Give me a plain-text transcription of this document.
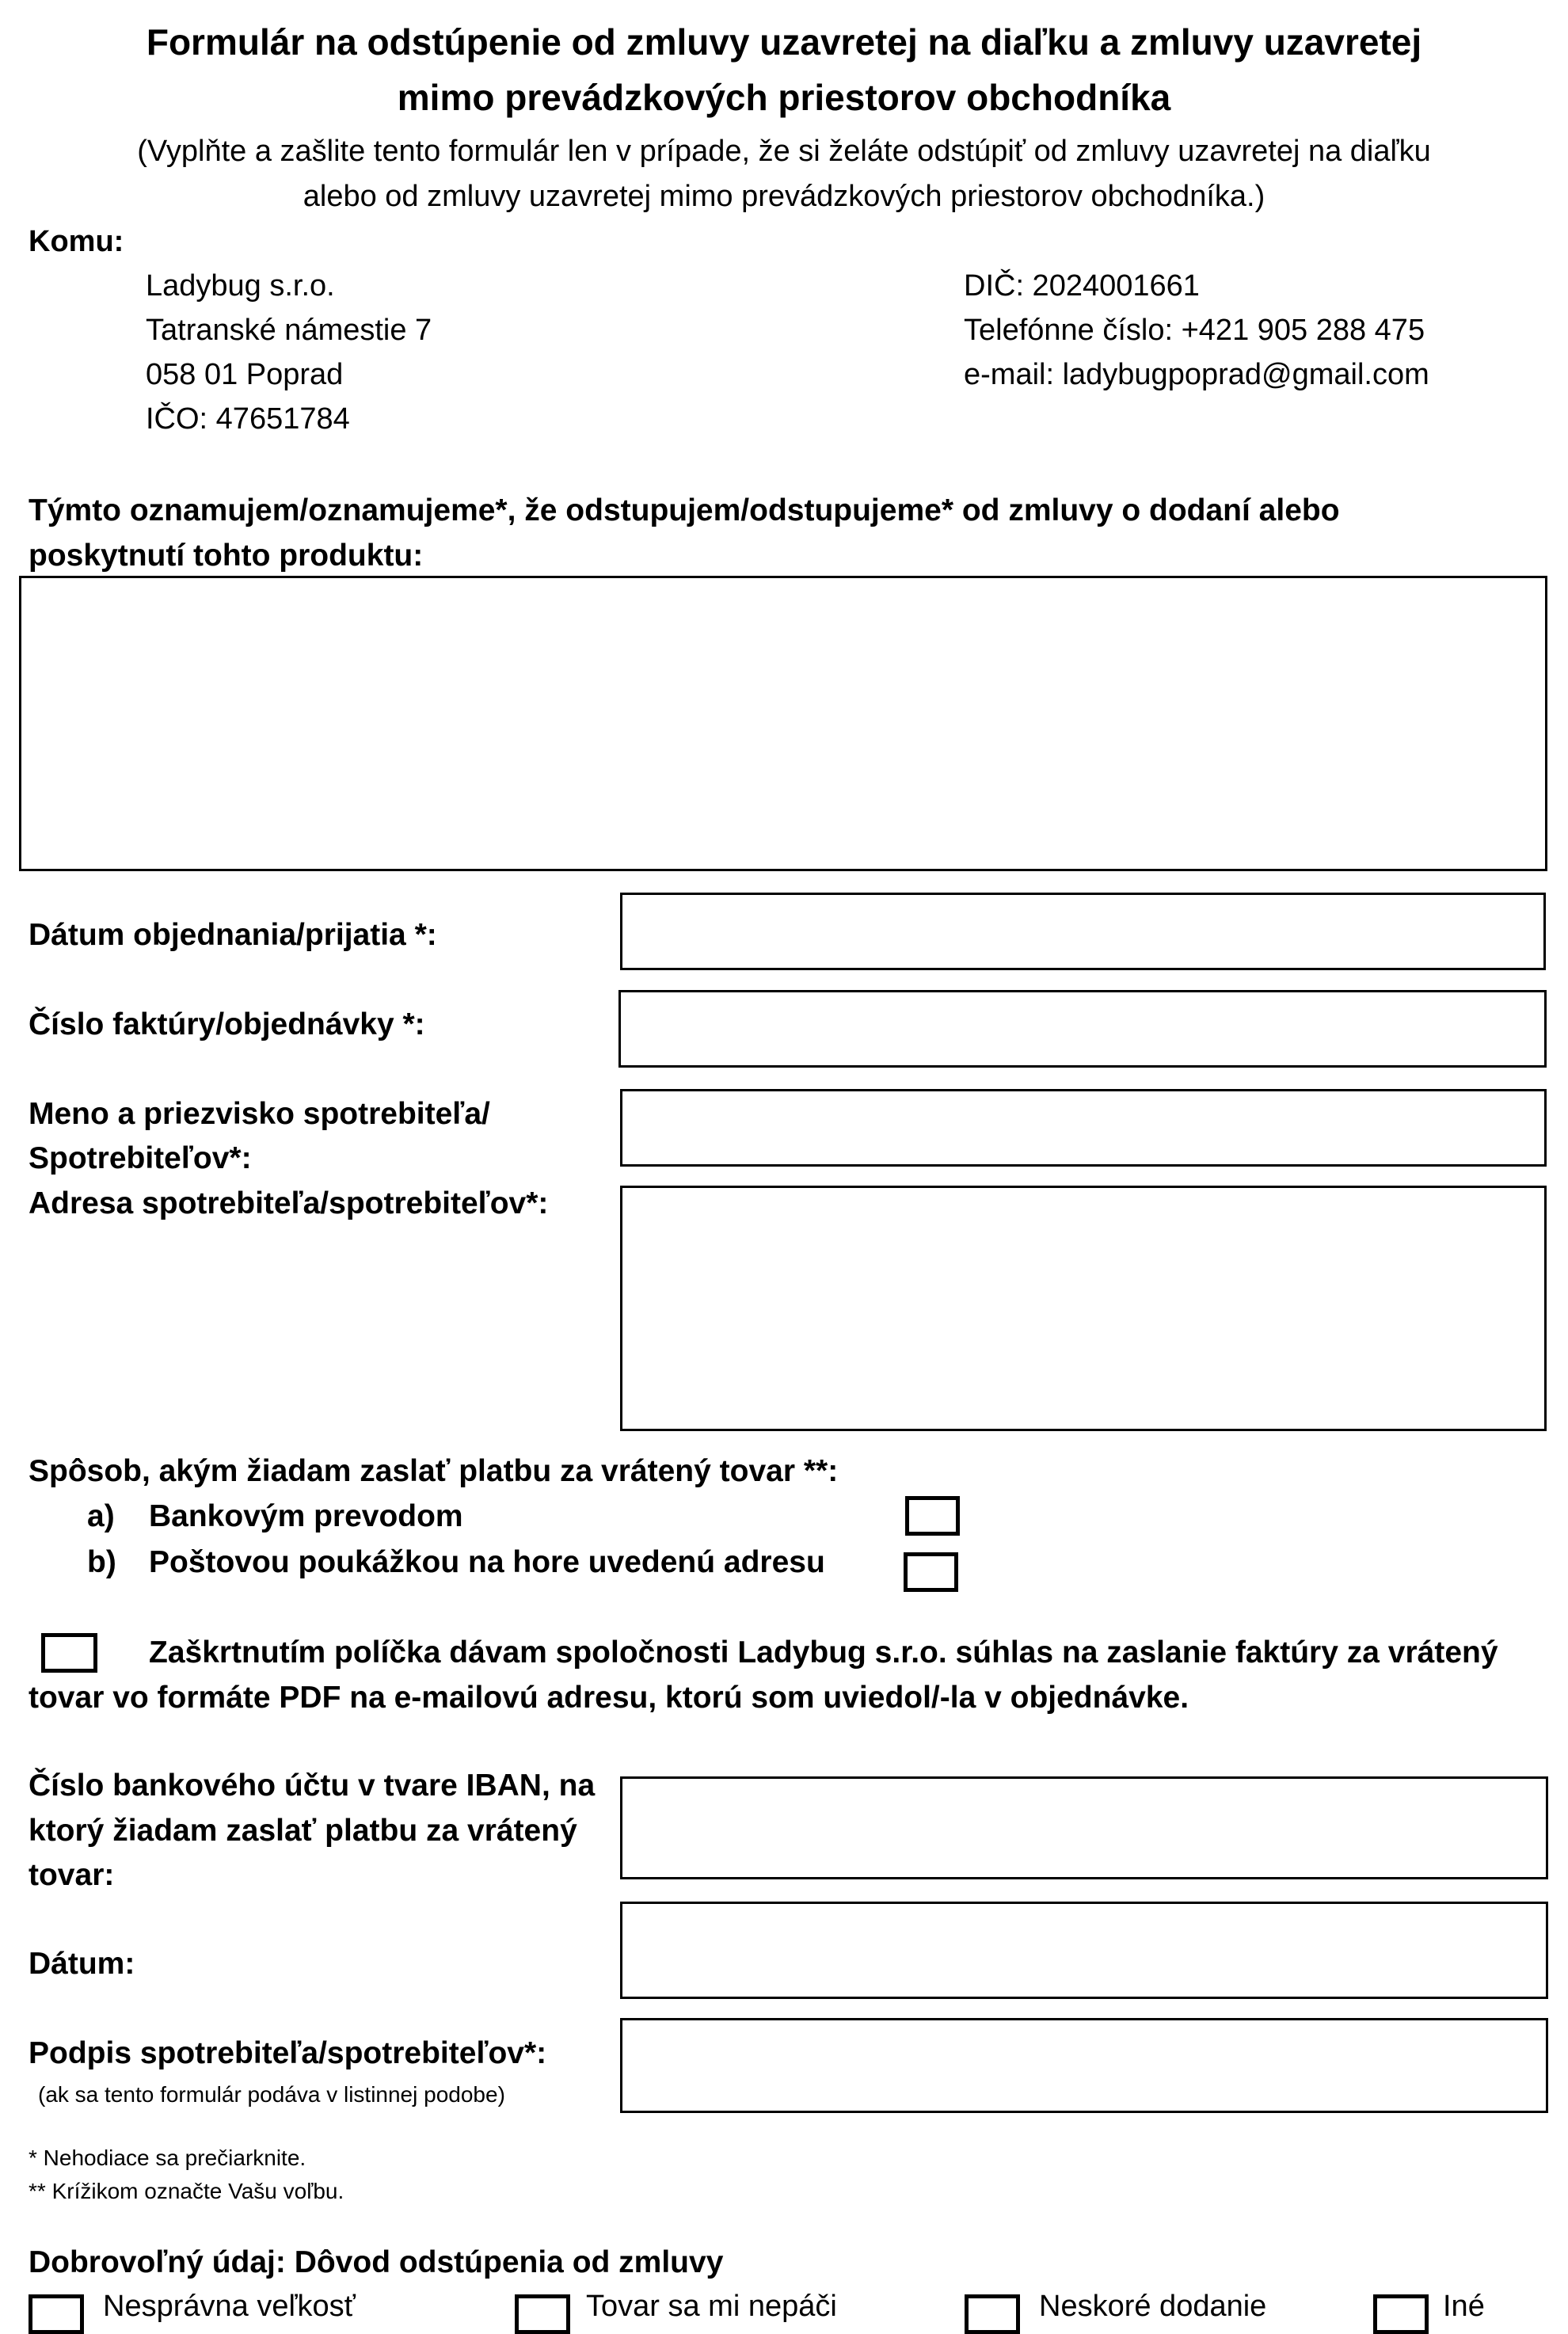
Formulár na odstúpenie od zmluvy uzavretej na diaľku a zmluvy uzavretej
mimo prevádzkových priestorov obchodníka
(Vyplňte a zašlite tento formulár len v prípade, že si želáte odstúpiť od zmluvy uzavretej na diaľku
alebo od zmluvy uzavretej mimo prevádzkových priestorov obchodníka.)
Komu:
Ladybug s.r.o.
Tatranské námestie 7
058 01 Poprad
IČO: 47651784
DIČ: 2024001661
Telefónne číslo: +421 905 288 475
e-mail: ladybugpoprad@gmail.com
Týmto oznamujem/oznamujeme*, že odstupujem/odstupujeme* od zmluvy o dodaní alebo
poskytnutí tohto produktu:
Dátum objednania/prijatia *:
Číslo faktúry/objednávky *:
Meno a priezvisko spotrebiteľa/
Spotrebiteľov*:
Adresa spotrebiteľa/spotrebiteľov*:
Spôsob, akým žiadam zaslať platbu za vrátený tovar **:
a) Bankovým prevodom
b) Poštovou poukážkou na hore uvedenú adresu
Zaškrtnutím políčka dávam spoločnosti Ladybug s.r.o. súhlas na zaslanie faktúry za vrátený
tovar vo formáte PDF na e-mailovú adresu, ktorú som uviedol/-la v objednávke.
Číslo bankového účtu v tvare IBAN, na
ktorý žiadam zaslať platbu za vrátený
tovar:
Dátum:
Podpis spotrebiteľa/spotrebiteľov*:
(ak sa tento formulár podáva v listinnej podobe)
* Nehodiace sa prečiarknite.
** Krížikom označte Vašu voľbu.
Dobrovoľný údaj: Dôvod odstúpenia od zmluvy
Nesprávna veľkosť	Tovar sa mi nepáči	Neskoré dodanie	Iné
